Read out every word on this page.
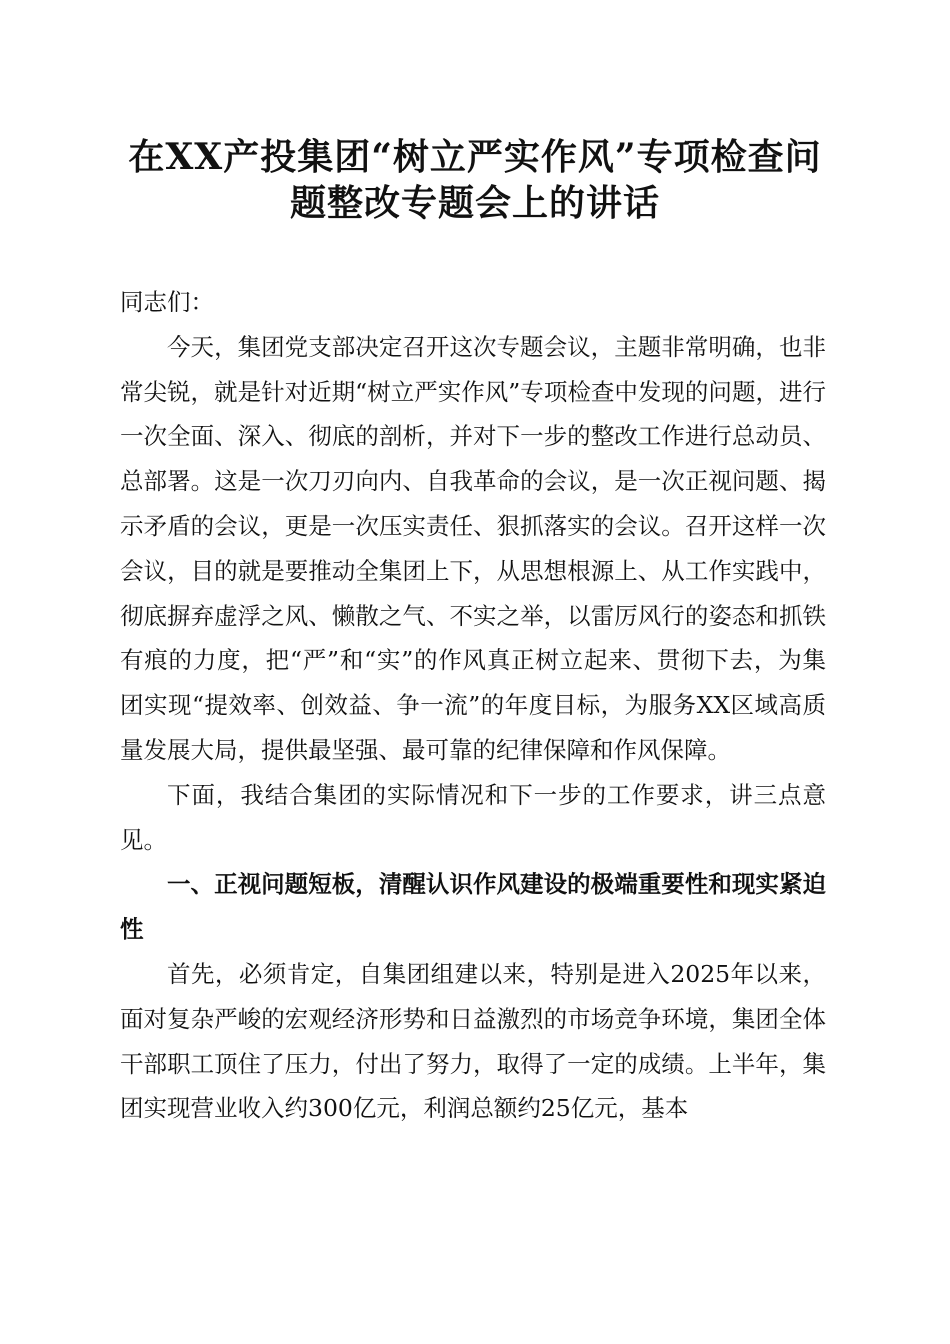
在XX产投集团“树立严实作风”专项检查问
题整改专题会上的讲话

同志们：

今天，集团党支部决定召开这次专题会议，主题非常明确，也非常尖锐，就是针对近期“树立严实作风”专项检查中发现的问题，进行一次全面、深入、彻底的剖析，并对下一步的整改工作进行总动员、总部署。这是一次刀刃向内、自我革命的会议，是一次正视问题、揭示矛盾的会议，更是一次压实责任、狠抓落实的会议。召开这样一次会议，目的就是要推动全集团上下，从思想根源上、从工作实践中，彻底摒弃虚浮之风、懒散之气、不实之举，以雷厉风行的姿态和抓铁有痕的力度，把“严”和“实”的作风真正树立起来、贯彻下去，为集团实现“提效率、创效益、争一流”的年度目标，为服务XX区域高质量发展大局，提供最坚强、最可靠的纪律保障和作风保障。

下面，我结合集团的实际情况和下一步的工作要求，讲三点意见。

一、正视问题短板，清醒认识作风建设的极端重要性和现实紧迫性

首先，必须肯定，自集团组建以来，特别是进入2025年以来，面对复杂严峻的宏观经济形势和日益激烈的市场竞争环境，集团全体干部职工顶住了压力，付出了努力，取得了一定的成绩。上半年，集团实现营业收入约300亿元，利润总额约25亿元，基本
